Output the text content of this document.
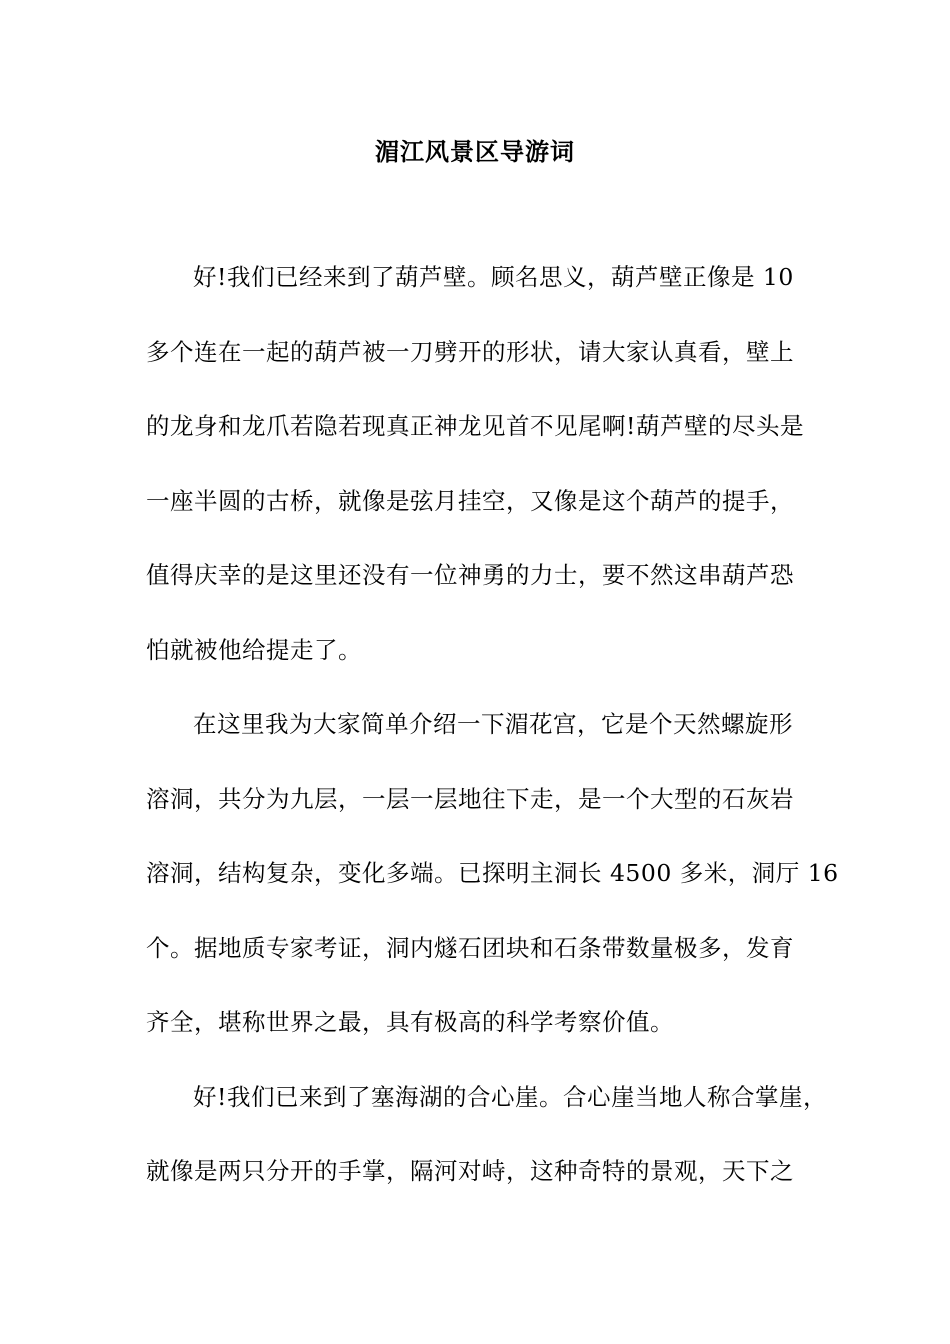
湄江风景区导游词
好!我们已经来到了葫芦壁。顾名思义，葫芦壁正像是 10
多个连在一起的葫芦被一刀劈开的形状，请大家认真看，壁上
的龙身和龙爪若隐若现真正神龙见首不见尾啊!葫芦壁的尽头是
一座半圆的古桥，就像是弦月挂空，又像是这个葫芦的提手，
值得庆幸的是这里还没有一位神勇的力士，要不然这串葫芦恐
怕就被他给提走了。
在这里我为大家简单介绍一下湄花宫，它是个天然螺旋形
溶洞，共分为九层，一层一层地往下走，是一个大型的石灰岩
溶洞，结构复杂，变化多端。已探明主洞长 4500 多米，洞厅 16
个。据地质专家考证，洞内燧石团块和石条带数量极多，发育
齐全，堪称世界之最，具有极高的科学考察价值。
好!我们已来到了塞海湖的合心崖。合心崖当地人称合掌崖，
就像是两只分开的手掌，隔河对峙，这种奇特的景观，天下之
